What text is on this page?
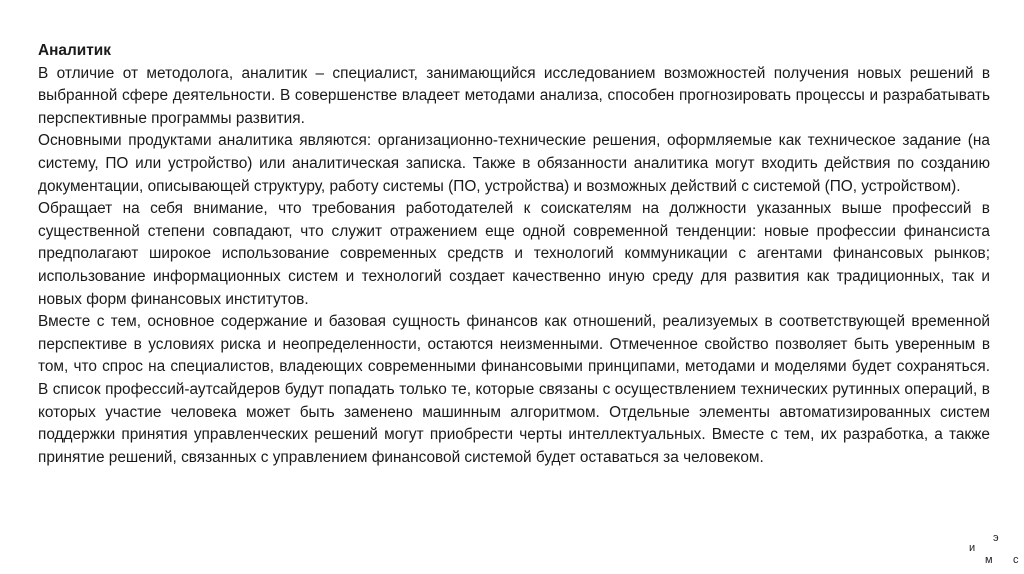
Аналитик

В отличие от методолога, аналитик – специалист, занимающийся исследованием возможностей получения новых решений в выбранной сфере деятельности. В совершенстве владеет методами анализа, способен прогнозировать процессы и разрабатывать перспективные программы развития.

Основными продуктами аналитика являются: организационно-технические решения, оформляемые как техническое задание (на систему, ПО или устройство) или аналитическая записка. Также в обязанности аналитика могут входить действия по созданию документации, описывающей структуру, работу системы (ПО, устройства) и возможных действий с системой (ПО, устройством).

Обращает на себя внимание, что требования работодателей к соискателям на должности указанных выше профессий в существенной степени совпадают, что служит отражением еще одной современной тенденции: новые профессии финансиста предполагают широкое использование современных средств и технологий коммуникации с агентами финансовых рынков; использование информационных систем и технологий создает качественно иную среду для развития как традиционных, так и новых форм финансовых институтов.

Вместе с тем, основное содержание и базовая сущность финансов как отношений, реализуемых в соответствующей временной перспективе в условиях риска и неопределенности, остаются неизменными. Отмеченное свойство позволяет быть уверенным в том, что спрос на специалистов, владеющих современными финансовыми принципами, методами и моделями будет сохраняться. В список профессий-аутсайдеров будут попадать только те, которые связаны с осуществлением технических рутинных операций, в которых участие человека может быть заменено машинным алгоритмом. Отдельные элементы автоматизированных систем поддержки принятия управленческих решений могут приобрести черты интеллектуальных. Вместе с тем, их разработка, а также принятие решений, связанных с управлением финансовой системой будет оставаться за человеком.

и
э
м с
